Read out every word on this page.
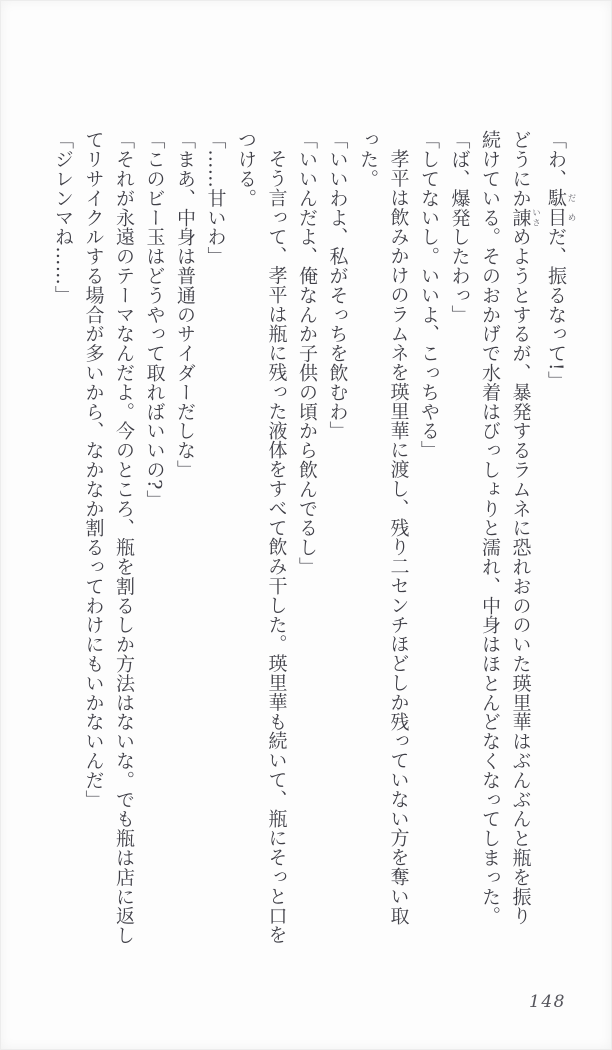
「わ、駄目 だめだ、振るなって!」
どうにか諌 いさめようとするが、暴発するラムネに恐れおののいた瑛里華はぶんぶんと瓶を振り
続けている。そのおかげで水着はびっしょりと濡れ、中身はほとんどなくなってしまった。
「ば、爆発したわっ」
「してないし。いいよ、こっちやる」
孝平は飲みかけのラムネを瑛里華に渡し、残り二センチほどしか残っていない方を奪い取
った。
「いいわよ、私がそっちを飲むわ」
「いいんだよ、俺なんか子供の頃から飲んでるし」
そう言って、孝平は瓶に残った液体をすべて飲み干した。瑛里華も続いて、瓶にそっと口を
つける。
「……甘いわ」
「まあ、中身は普通のサイダーだしな」
「このビー玉はどうやって取ればいいの?」
「それが永遠のテーマなんだよ。今のところ、瓶を割るしか方法はないな。でも瓶は店に返し
てリサイクルする場合が多いから、なかなか割るってわけにもいかないんだ」
「ジレンマね……」
148
